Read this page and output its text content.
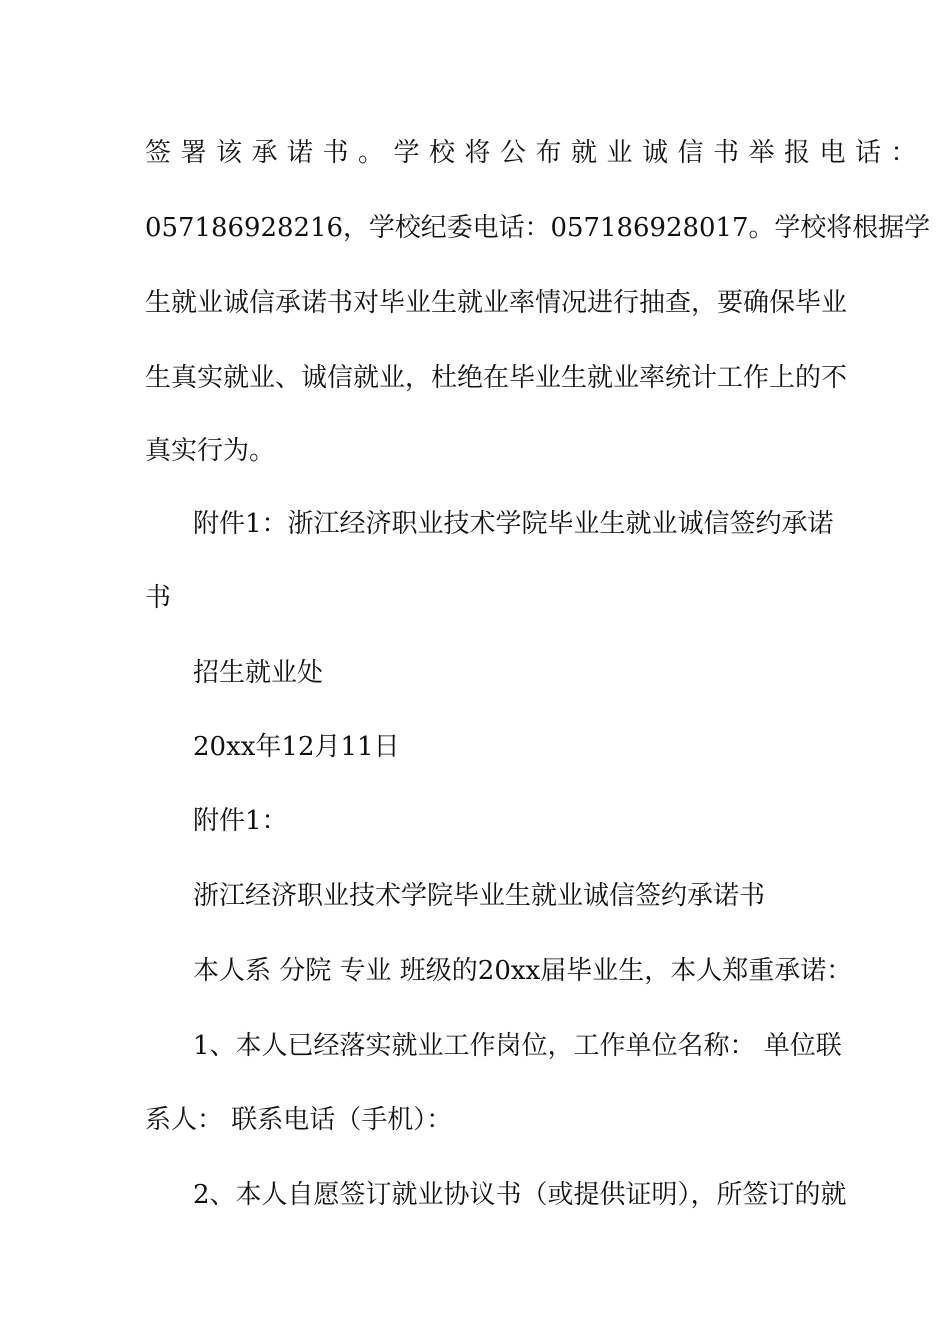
签署该承诺书。学校将公布就业诚信书举报电话：
057186928216，学校纪委电话：057186928017。学校将根据学
生就业诚信承诺书对毕业生就业率情况进行抽查，要确保毕业
生真实就业、诚信就业，杜绝在毕业生就业率统计工作上的不
真实行为。
附件1：浙江经济职业技术学院毕业生就业诚信签约承诺
书
招生就业处
20xx年12月11日
附件1：
浙江经济职业技术学院毕业生就业诚信签约承诺书
本人系 分院 专业 班级的20xx届毕业生，本人郑重承诺：
1、本人已经落实就业工作岗位，工作单位名称： 单位联
系人： 联系电话（手机）：
2、本人自愿签订就业协议书（或提供证明），所签订的就
